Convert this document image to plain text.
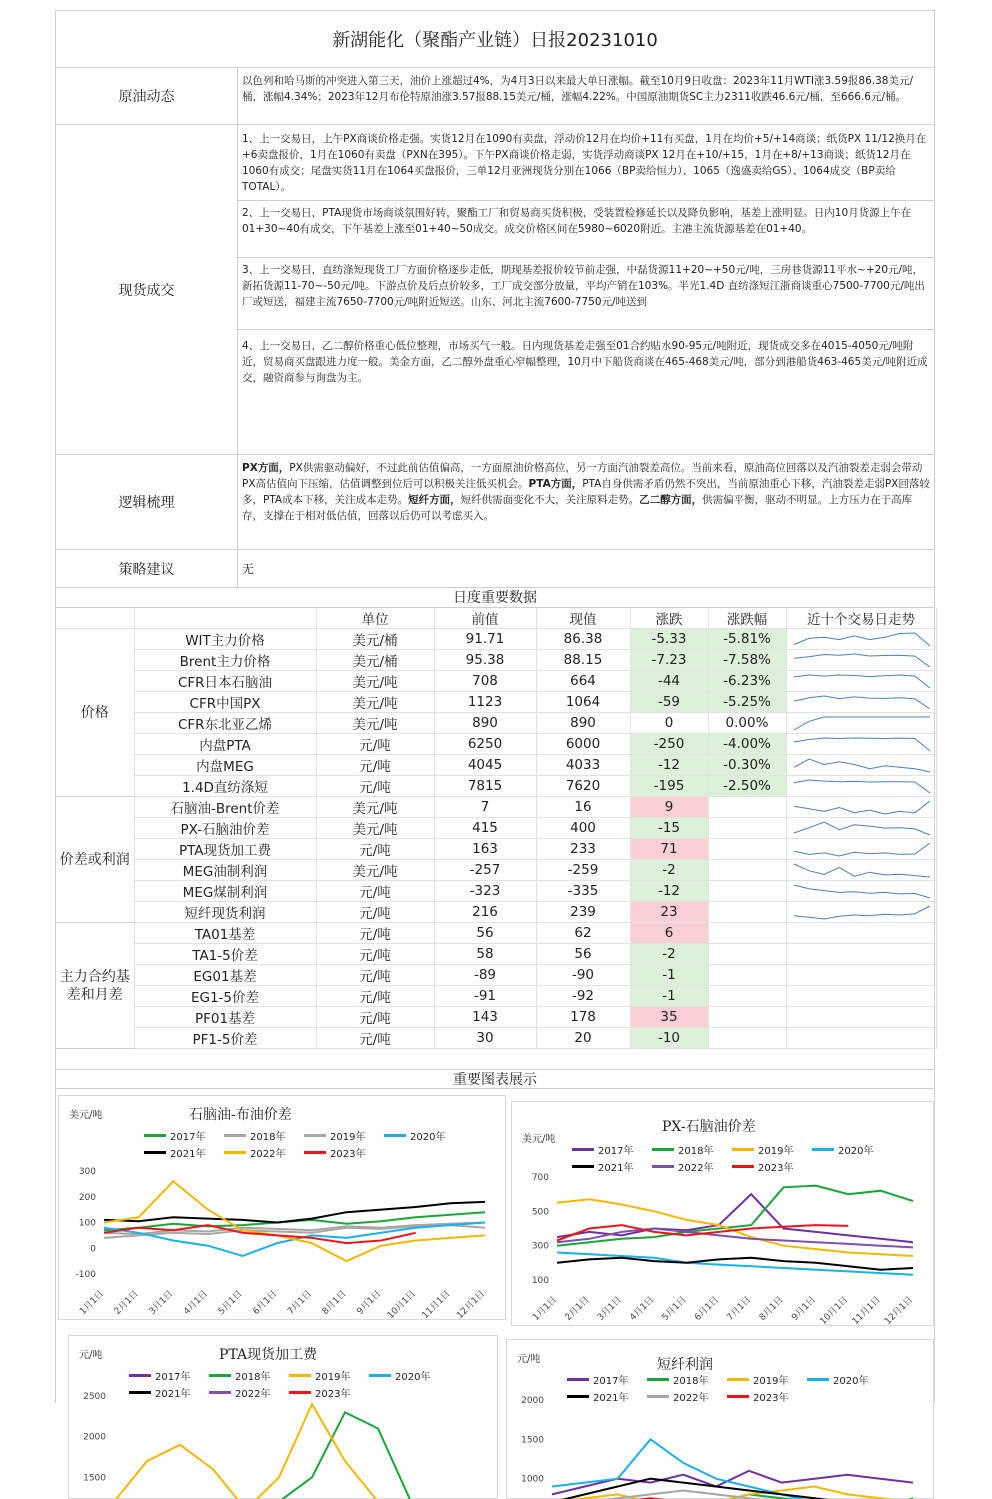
新湖能化（聚酯产业链）日报20231010
原油动态
以色列和哈马斯的冲突进入第三天，油价上涨超过4%，为4月3日以来最大单日涨幅。截至10月9日收盘：2023年11月WTI涨3.59报86.38美元/桶，涨幅4.34%；2023年12月布伦特原油涨3.57报88.15美元/桶，涨幅4.22%。中国原油期货SC主力2311收跌46.6元/桶，至666.6元/桶。
现货成交
1、上一交易日，上午PX商谈价格走强。实货12月在1090有卖盘，浮动价12月在均价+11有买盘，1月在均价+5/+14商谈；纸货PX 11/12换月在+6卖盘报价，1月在1060有卖盘（PXN在395）。下午PX商谈价格走弱，实货浮动商谈PX 12月在+10/+15，1月在+8/+13商谈；纸货12月在1060有成交；尾盘实货11月在1064买盘报价，三单12月亚洲现货分别在1066（BP卖给恒力）、1065（逸盛卖给GS）、1064成交（BP卖给TOTAL）。
2、上一交易日，PTA现货市场商谈氛围好转，聚酯工厂和贸易商买货积极，受装置检修延长以及降负影响，基差上涨明显。日内10月货源上午在01+30~40有成交，下午基差上涨至01+40~50成交。成交价格区间在5980~6020附近。主港主流货源基差在01+40。
3、上一交易日，直纺涤短现货工厂方面价格逐步走低，期现基差报价较节前走强，中磊货源11+20~+50元/吨，三房巷货源11平水~+20元/吨，新拓货源11-70~-50元/吨。下游点价及后点价较多，工厂成交部分放量，平均产销在103%。半光1.4D 直纺涤短江浙商谈重心7500-7700元/吨出厂或短送，福建主流7650-7700元/吨附近短送。山东、河北主流7600-7750元/吨送到
4、上一交易日，乙二醇价格重心低位整理，市场买气一般。日内现货基差走强至01合约贴水90-95元/吨附近，现货成交多在4015-4050元/吨附近，贸易商买盘跟进力度一般。美金方面，乙二醇外盘重心窄幅整理，10月中下船货商谈在465-468美元/吨，部分到港船货463-465美元/吨附近成交，融资商参与询盘为主。
逻辑梳理
PX方面，PX供需驱动偏好，不过此前估值偏高，一方面原油价格高位，另一方面汽油裂差高位。当前来看，原油高位回落以及汽油裂差走弱会带动PX高估值向下压缩，估值调整到位后可以积极关注低买机会。PTA方面，PTA自身供需矛盾仍然不突出，当前原油重心下移，汽油裂差走弱PX回落较多，PTA成本下移，关注成本走势。短纤方面，短纤供需面变化不大，关注原料走势。乙二醇方面，供需偏平衡，驱动不明显。上方压力在于高库存，支撑在于相对低估值，回落以后仍可以考虑买入。
策略建议	无
日度重要数据
		单位	前值	现值	涨跌	涨跌幅	近十个交易日走势
价格	WIT主力价格	美元/桶	91.71	86.38	-5.33	-5.81%	

	Brent主力价格	美元/桶	95.38	88.15	-7.23	-7.58%	

	CFR日本石脑油	美元/吨	708	664	-44	-6.23%	

	CFR中国PX	美元/吨	1123	1064	-59	-5.25%	

	CFR东北亚乙烯	美元/吨	890	890	0	0.00%	

	内盘PTA	元/吨	6250	6000	-250	-4.00%	

	内盘MEG	元/吨	4045	4033	-12	-0.30%	

	1.4D直纺涤短	元/吨	7815	7620	-195	-2.50%	

价差或利润	石脑油-Brent价差	美元/吨	7	16	9		

	PX-石脑油价差	美元/吨	415	400	-15		

	PTA现货加工费	元/吨	163	233	71		

	MEG油制利润	美元/吨	-257	-259	-2		

	MEG煤制利润	元/吨	-323	-335	-12		

	短纤现货利润	元/吨	216	239	23		

主力合约基差和月差	TA01基差	元/吨	56	62	6		
	TA1-5价差	元/吨	58	56	-2		
	EG01基差	元/吨	-89	-90	-1		
	EG1-5价差	元/吨	-91	-92	-1		
	PF01基差	元/吨	143	178	35		
	PF1-5价差	元/吨	30	20	-10		
重要图表展示
石脑油-布油价差
美元/吨
2017年	2018年	2019年	2020年
2021年	2022年	2023年
300
200
100
0
-100
1月1日 2月1日 3月1日 4月1日 5月1日 6月1日 7月1日 8月1日 9月1日 10月1日 11月1日 12月1日
PX-石脑油价差
美元/吨
2017年	2018年	2019年	2020年
2021年	2022年	2023年
700
500
300
100
1月1日 2月1日 3月1日 4月1日 5月1日 6月1日 7月1日 8月1日 9月1日 10月1日 11月1日 12月1日
PTA现货加工费
元/吨
2017年	2018年	2019年	2020年
2021年	2022年	2023年
2500
2000
1500
短纤利润
元/吨
2017年	2018年	2019年	2020年
2021年	2022年	2023年
2000
1500
1000
